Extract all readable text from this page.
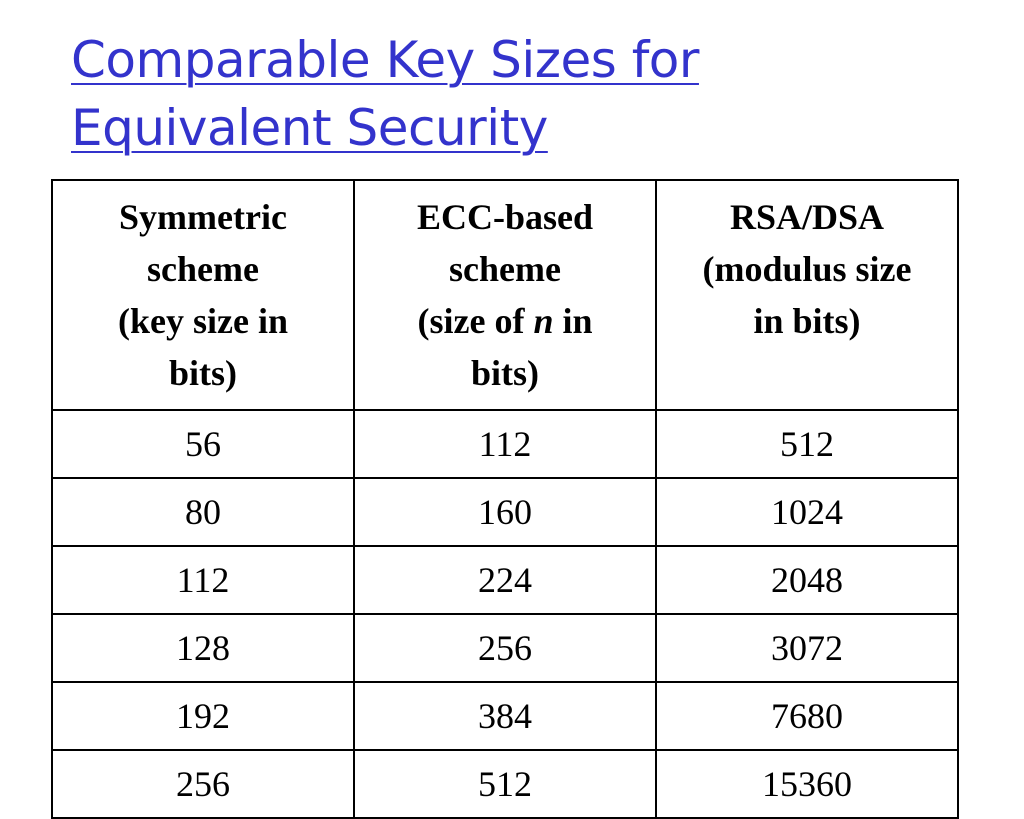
Comparable Key Sizes for
Equivalent Security
Symmetric
scheme
(key size in
bits)	ECC-based
scheme
(size of n in
bits)	RSA/DSA
(modulus size
in bits)

56	112	512
80	160	1024
112	224	2048
128	256	3072
192	384	7680
256	512	15360
